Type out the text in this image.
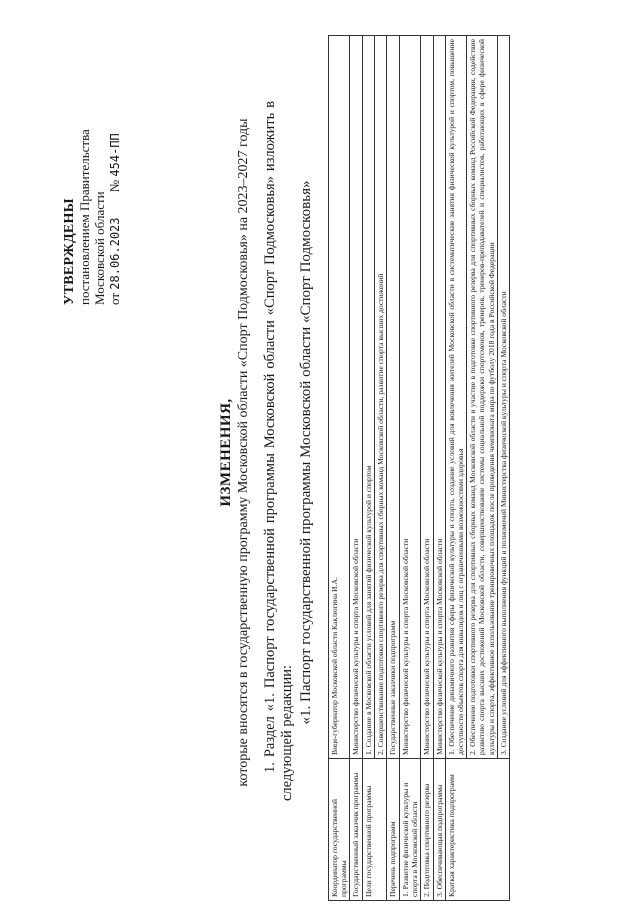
УТВЕРЖДЕНЫ постановлением Правительства Московской области от 28.06.2023 № 454-ПП
ИЗМЕНЕНИЯ, которые вносятся в государственную программу Московской области «Спорт Подмосковья» на 2023–2027 годы 1. Раздел «1. Паспорт государственной программы Московской области «Спорт Подмосковья» изложить в следующей редакции:
«1. Паспорт государственной программы Московской области «Спорт Подмосковья»
Координатор государственной программы	Вице-губернатор Московской области Каклюгина И.А.
Государственный заказчик программы	Министерство физической культуры и спорта Московской области
Цели государственной программы	1. Создание в Московской области условий для занятий физической культурой и спортом
	2. Совершенствование подготовки спортивного резерва для спортивных сборных команд Московской области, развитие спорта высших достижений
Перечень подпрограмм	Государственные заказчики подпрограмм
1. Развитие физической культуры и спорта в Московской области	Министерство физической культуры и спорта Московской области
2. Подготовка спортивного резерва	Министерство физической культуры и спорта Московской области
3. Обеспечивающая подпрограмма	Министерство физической культуры и спорта Московской области
Краткая характеристика подпрограмм	1. Обеспечение динамичного развития сферы физической культуры и спорта, создание условий для вовлечения жителей Московской области в систематические занятия физической культурой и спортом, повышение доступности объектов спорта для инвалидов и лиц с ограниченными возможностями здоровья
	2. Обеспечение подготовки спортивного резерва для спортивных сборных команд Московской области и участие в подготовке спортивного резерва для спортивных сборных команд Российской Федерации, содействие развитию спорта высших достижений Московской области, совершенствование системы социальной поддержки спортсменов, тренеров, тренеров-преподавателей и специалистов, работающих в сфере физической культуры и спорта, эффективное использование тренировочных площадок после проведения чемпионата мира по футболу 2018 года в Российской Федерации
	3. Создание условий для эффективного выполнения функций и полномочий Министерства физической культуры и спорта Московской области
